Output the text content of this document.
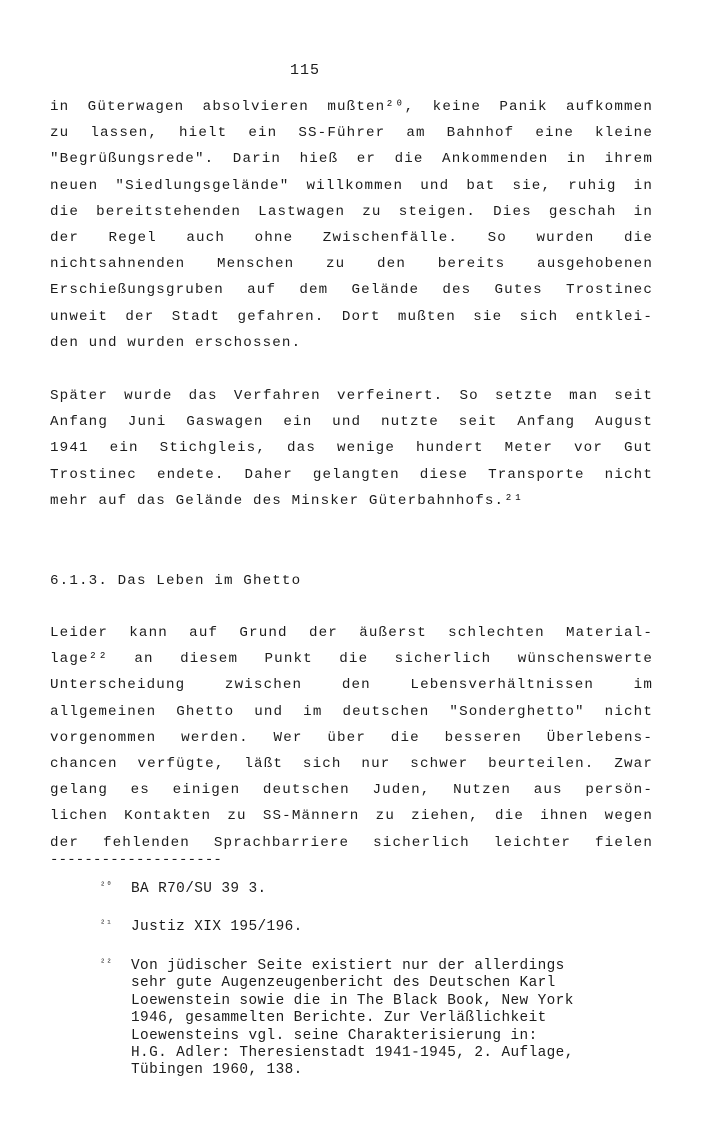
115
in Güterwagen absolvieren mußten²⁰, keine Panik aufkommen
zu lassen, hielt ein SS-Führer am Bahnhof eine kleine
"Begrüßungsrede". Darin hieß er die Ankommenden in ihrem
neuen "Siedlungsgelände" willkommen und bat sie, ruhig in
die bereitstehenden Lastwagen zu steigen. Dies geschah in
der Regel auch ohne Zwischenfälle. So wurden die
nichtsahnenden Menschen zu den bereits ausgehobenen
Erschießungsgruben auf dem Gelände des Gutes Trostinec
unweit der Stadt gefahren. Dort mußten sie sich entklei-
den und wurden erschossen.
Später wurde das Verfahren verfeinert. So setzte man seit
Anfang Juni Gaswagen ein und nutzte seit Anfang August
1941 ein Stichgleis, das wenige hundert Meter vor Gut
Trostinec endete. Daher gelangten diese Transporte nicht
mehr auf das Gelände des Minsker Güterbahnhofs.²¹
6.1.3. Das Leben im Ghetto
Leider kann auf Grund der äußerst schlechten Material-
lage²² an diesem Punkt die sicherlich wünschenswerte
Unterscheidung zwischen den Lebensverhältnissen im
allgemeinen Ghetto und im deutschen "Sonderghetto" nicht
vorgenommen werden. Wer über die besseren Überlebens-
chancen verfügte, läßt sich nur schwer beurteilen. Zwar
gelang es einigen deutschen Juden, Nutzen aus persön-
lichen Kontakten zu SS-Männern zu ziehen, die ihnen wegen
der fehlenden Sprachbarriere sicherlich leichter fielen
--------------------
²⁰ BA R70/SU 39 3.
²¹ Justiz XIX 195/196.
²² Von jüdischer Seite existiert nur der allerdings
sehr gute Augenzeugenbericht des Deutschen Karl
Loewenstein sowie die in The Black Book, New York
1946, gesammelten Berichte. Zur Verläßlichkeit
Loewensteins vgl. seine Charakterisierung in:
H.G. Adler: Theresienstadt 1941-1945, 2. Auflage,
Tübingen 1960, 138.
